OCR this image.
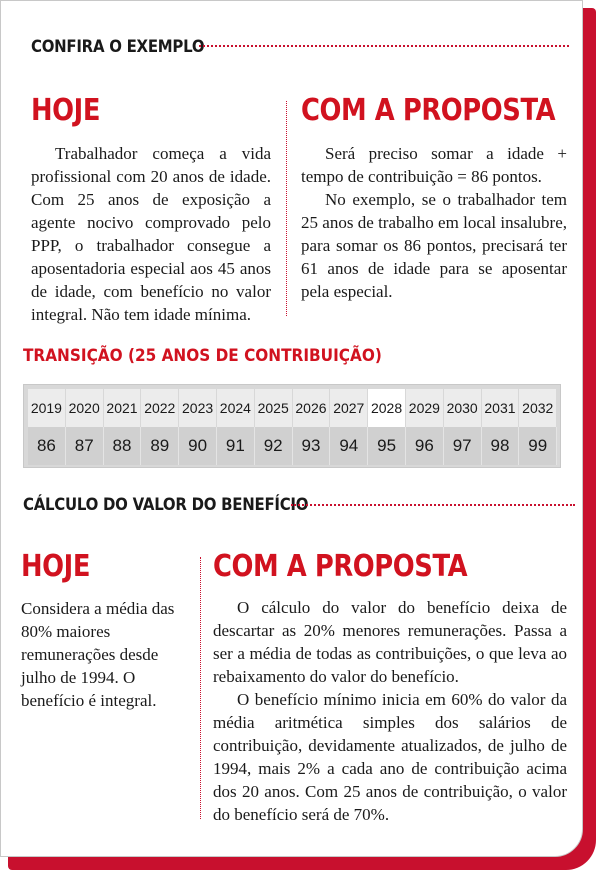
CONFIRA O EXEMPLO
HOJE

Trabalhador começa a vida profissional com 20 anos de idade. Com 25 anos de exposição a agente nocivo comprovado pelo PPP, o trabalhador consegue a aposentadoria especial aos 45 anos de idade, com benefício no valor integral. Não tem idade mínima.

COM A PROPOSTA

Será preciso somar a idade + tempo de contribuição = 86 pontos.

No exemplo, se o trabalhador tem 25 anos de trabalho em local insalubre, para somar os 86 pontos, precisará ter 61 anos de idade para se aposentar pela especial.

TRANSIÇÃO (25 ANOS DE CONTRIBUIÇÃO)
2019 2020 2021 2022 2023 2024 2025 2026 2027 2028 2029 2030 2031 2032
86	87	88	89	90	91	92	93	94	95	96	97	98	99
CÁLCULO DO VALOR DO BENEFÍCIO
HOJE

Considera a média das 80% maiores remunerações desde julho de 1994. O benefício é integral.

COM A PROPOSTA

O cálculo do valor do benefício deixa de descartar as 20% menores remunerações. Passa a ser a média de todas as contribuições, o que leva ao rebaixamento do valor do benefício.

O benefício mínimo inicia em 60% do valor da média aritmética simples dos salários de contribuição, devidamente atualizados, de julho de 1994, mais 2% a cada ano de contribuição acima dos 20 anos. Com 25 anos de contribuição, o valor do benefício será de 70%.
